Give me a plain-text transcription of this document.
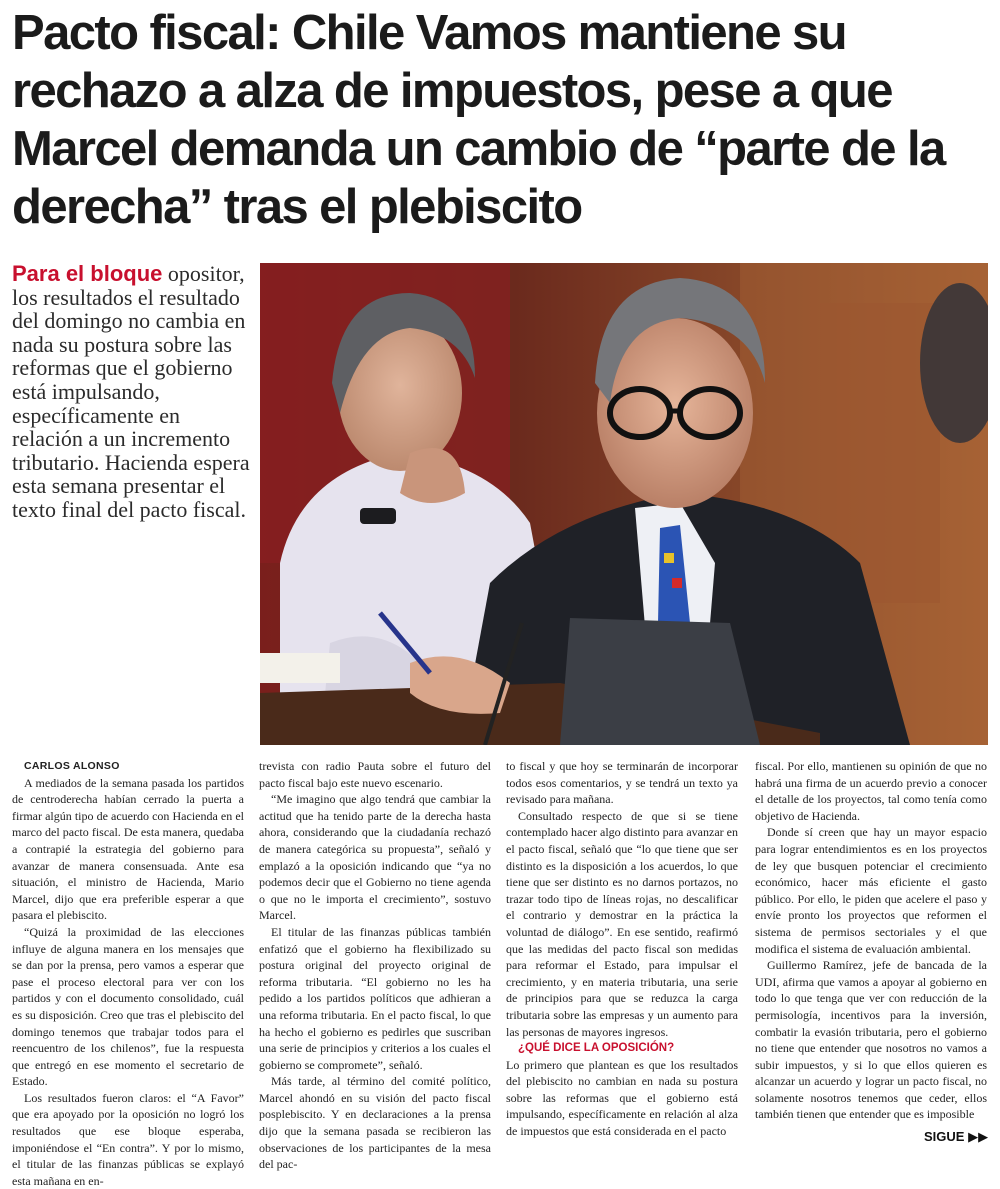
Pacto fiscal: Chile Vamos mantiene su rechazo a alza de impuestos, pese a que Marcel demanda un cambio de “parte de la derecha” tras el plebiscito

Para el bloque opositor, los resultados el resultado del domingo no cambia en nada su postura sobre las reformas que el gobierno está impulsando, específicamente en relación a un incremento tributario. Hacienda espera esta semana presentar el texto final del pacto fiscal.

CARLOS ALONSO

A mediados de la semana pasada los partidos de centroderecha habían cerrado la puerta a firmar algún tipo de acuerdo con Hacienda en el marco del pacto fiscal. De esta manera, quedaba a contrapié la estrategia del gobierno para avanzar de manera consensuada. Ante esa situación, el ministro de Hacienda, Mario Marcel, dijo que era preferible esperar a que pasara el plebiscito.

“Quizá la proximidad de las elecciones influye de alguna manera en los mensajes que se dan por la prensa, pero vamos a esperar que pase el proceso electoral para ver con los partidos y con el documento consolidado, cuál es su disposición. Creo que tras el plebiscito del domingo tenemos que trabajar todos para el reencuentro de los chilenos”, fue la respuesta que entregó en ese momento el secretario de Estado.

Los resultados fueron claros: el “A Favor” que era apoyado por la oposición no logró los resultados que ese bloque esperaba, imponiéndose el “En contra”. Y por lo mismo, el titular de las finanzas públicas se explayó esta mañana en en-

trevista con radio Pauta sobre el futuro del pacto fiscal bajo este nuevo escenario.

“Me imagino que algo tendrá que cambiar la actitud que ha tenido parte de la derecha hasta ahora, considerando que la ciudadanía rechazó de manera categórica su propuesta”, señaló y emplazó a la oposición indicando que “ya no podemos decir que el Gobierno no tiene agenda o que no le importa el crecimiento”, sostuvo Marcel.

El titular de las finanzas públicas también enfatizó que el gobierno ha flexibilizado su postura original del proyecto original de reforma tributaria. “El gobierno no les ha pedido a los partidos políticos que adhieran a una reforma tributaria. En el pacto fiscal, lo que ha hecho el gobierno es pedirles que suscriban una serie de principios y criterios a los cuales el gobierno se compromete”, señaló.

Más tarde, al término del comité político, Marcel ahondó en su visión del pacto fiscal posplebiscito. Y en declaraciones a la prensa dijo que la semana pasada se recibieron las observaciones de los participantes de la mesa del pac-

to fiscal y que hoy se terminarán de incorporar todos esos comentarios, y se tendrá un texto ya revisado para mañana.

Consultado respecto de que si se tiene contemplado hacer algo distinto para avanzar en el pacto fiscal, señaló que “lo que tiene que ser distinto es la disposición a los acuerdos, lo que tiene que ser distinto es no darnos portazos, no trazar todo tipo de líneas rojas, no descalificar el contrario y demostrar en la práctica la voluntad de diálogo”. En ese sentido, reafirmó que las medidas del pacto fiscal son medidas para reformar el Estado, para impulsar el crecimiento, y en materia tributaria, una serie de principios para que se reduzca la carga tributaria sobre las empresas y un aumento para las personas de mayores ingresos.

¿QUÉ DICE LA OPOSICIÓN?

Lo primero que plantean es que los resultados del plebiscito no cambian en nada su postura sobre las reformas que el gobierno está impulsando, específicamente en relación al alza de impuestos que está considerada en el pacto

fiscal. Por ello, mantienen su opinión de que no habrá una firma de un acuerdo previo a conocer el detalle de los proyectos, tal como tenía como objetivo de Hacienda.

Donde sí creen que hay un mayor espacio para lograr entendimientos es en los proyectos de ley que busquen potenciar el crecimiento económico, hacer más eficiente el gasto público. Por ello, le piden que acelere el paso y envíe pronto los proyectos que reformen el sistema de permisos sectoriales y el que modifica el sistema de evaluación ambiental.

Guillermo Ramírez, jefe de bancada de la UDI, afirma que vamos a apoyar al gobierno en todo lo que tenga que ver con reducción de la permisología, incentivos para la inversión, combatir la evasión tributaria, pero el gobierno no tiene que entender que nosotros no vamos a subir impuestos, y si lo que ellos quieren es alcanzar un acuerdo y lograr un pacto fiscal, no solamente nosotros tenemos que ceder, ellos también tienen que entender que es imposible

SIGUE ▶▶
